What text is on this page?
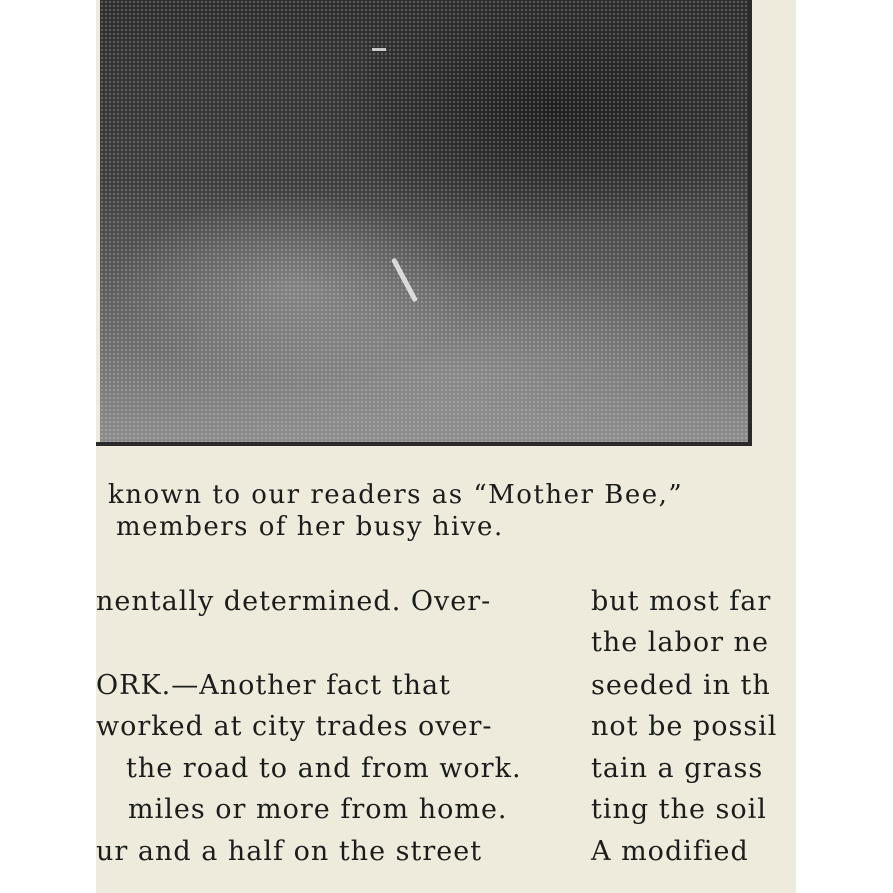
known to our readers as “Mother Bee,”
members of her busy hive.
nentally determined. Over-
ORK.—Another fact that
worked at city trades over-
the road to and from work.
miles or more from home.
ur and a half on the street
but most far
the labor ne
seeded in th
not be possil
tain a grass
ting the soil
A modified
